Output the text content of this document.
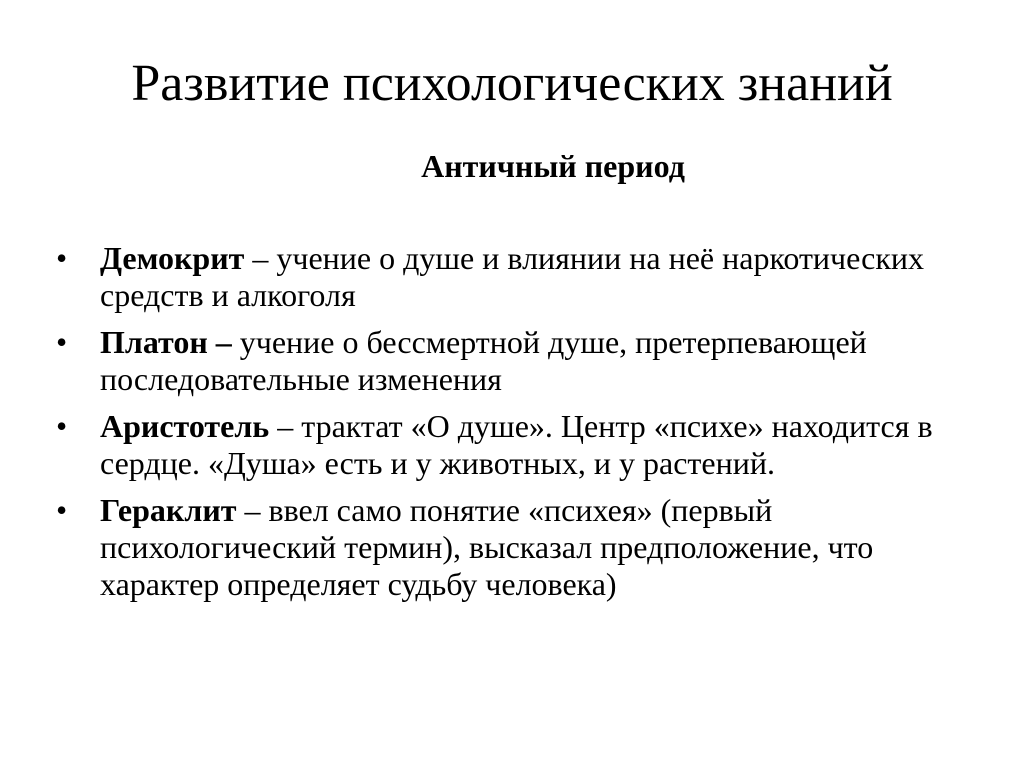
Развитие психологических знаний
Античный период
•	Демокрит – учение о душе и влиянии на неё наркотических средств и алкоголя
•	Платон – учение о бессмертной душе, претерпевающей последовательные изменения
•	Аристотель – трактат «О душе». Центр «психе» находится в сердце. «Душа» есть и у животных, и у растений.
•	Гераклит – ввел само понятие «психея» (первый психологический термин), высказал предположение, что характер определяет судьбу человека)
